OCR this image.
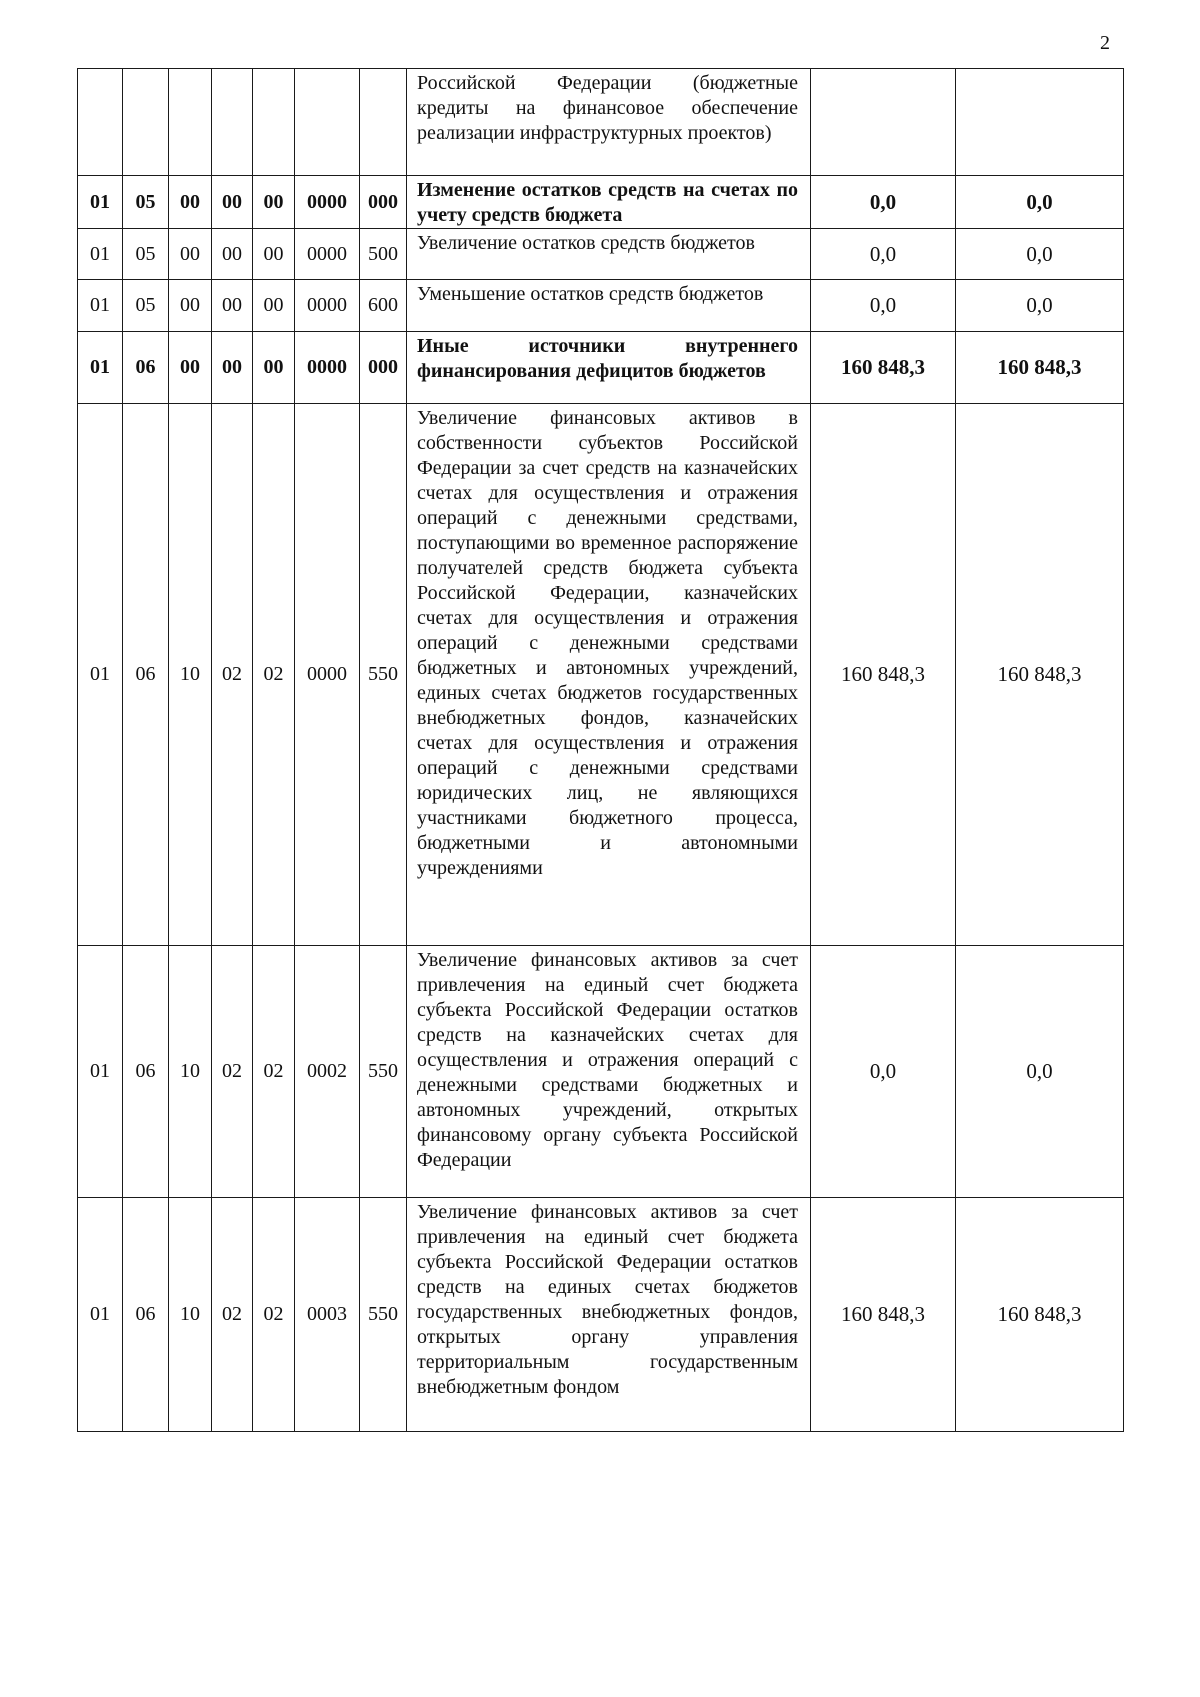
2
							Российской Федерации (бюджетные кредиты на финансовое обеспечение реализации инфраструктурных проектов)		
01	05	00	00	00	0000	000	Изменение остатков средств на счетах по учету средств бюджета	0,0	0,0
01	05	00	00	00	0000	500	Увеличение остатков средств бюджетов	0,0	0,0
01	05	00	00	00	0000	600	Уменьшение остатков средств бюджетов	0,0	0,0
01	06	00	00	00	0000	000	Иные источники внутреннего финансирования дефицитов бюджетов	160 848,3	160 848,3
01	06	10	02	02	0000	550	Увеличение финансовых активов в собственности субъектов Российской Федерации за счет средств на казначейских счетах для осуществления и отражения операций с денежными средствами, поступающими во временное распоряжение получателей средств бюджета субъекта Российской Федерации, казначейских счетах для осуществления и отражения операций с денежными средствами бюджетных и автономных учреждений, единых счетах бюджетов государственных внебюджетных фондов, казначейских счетах для осуществления и отражения операций с денежными средствами юридических лиц, не являющихся участниками бюджетного процесса, бюджетными и автономными учреждениями	160 848,3	160 848,3
01	06	10	02	02	0002	550	Увеличение финансовых активов за счет привлечения на единый счет бюджета субъекта Российской Федерации остатков средств на казначейских счетах для осуществления и отражения операций с денежными средствами бюджетных и автономных учреждений, открытых финансовому органу субъекта Российской Федерации	0,0	0,0
01	06	10	02	02	0003	550	Увеличение финансовых активов за счет привлечения на единый счет бюджета субъекта Российской Федерации остатков средств на единых счетах бюджетов государственных внебюджетных фондов, открытых органу управления территориальным государственным внебюджетным фондом	160 848,3	160 848,3
